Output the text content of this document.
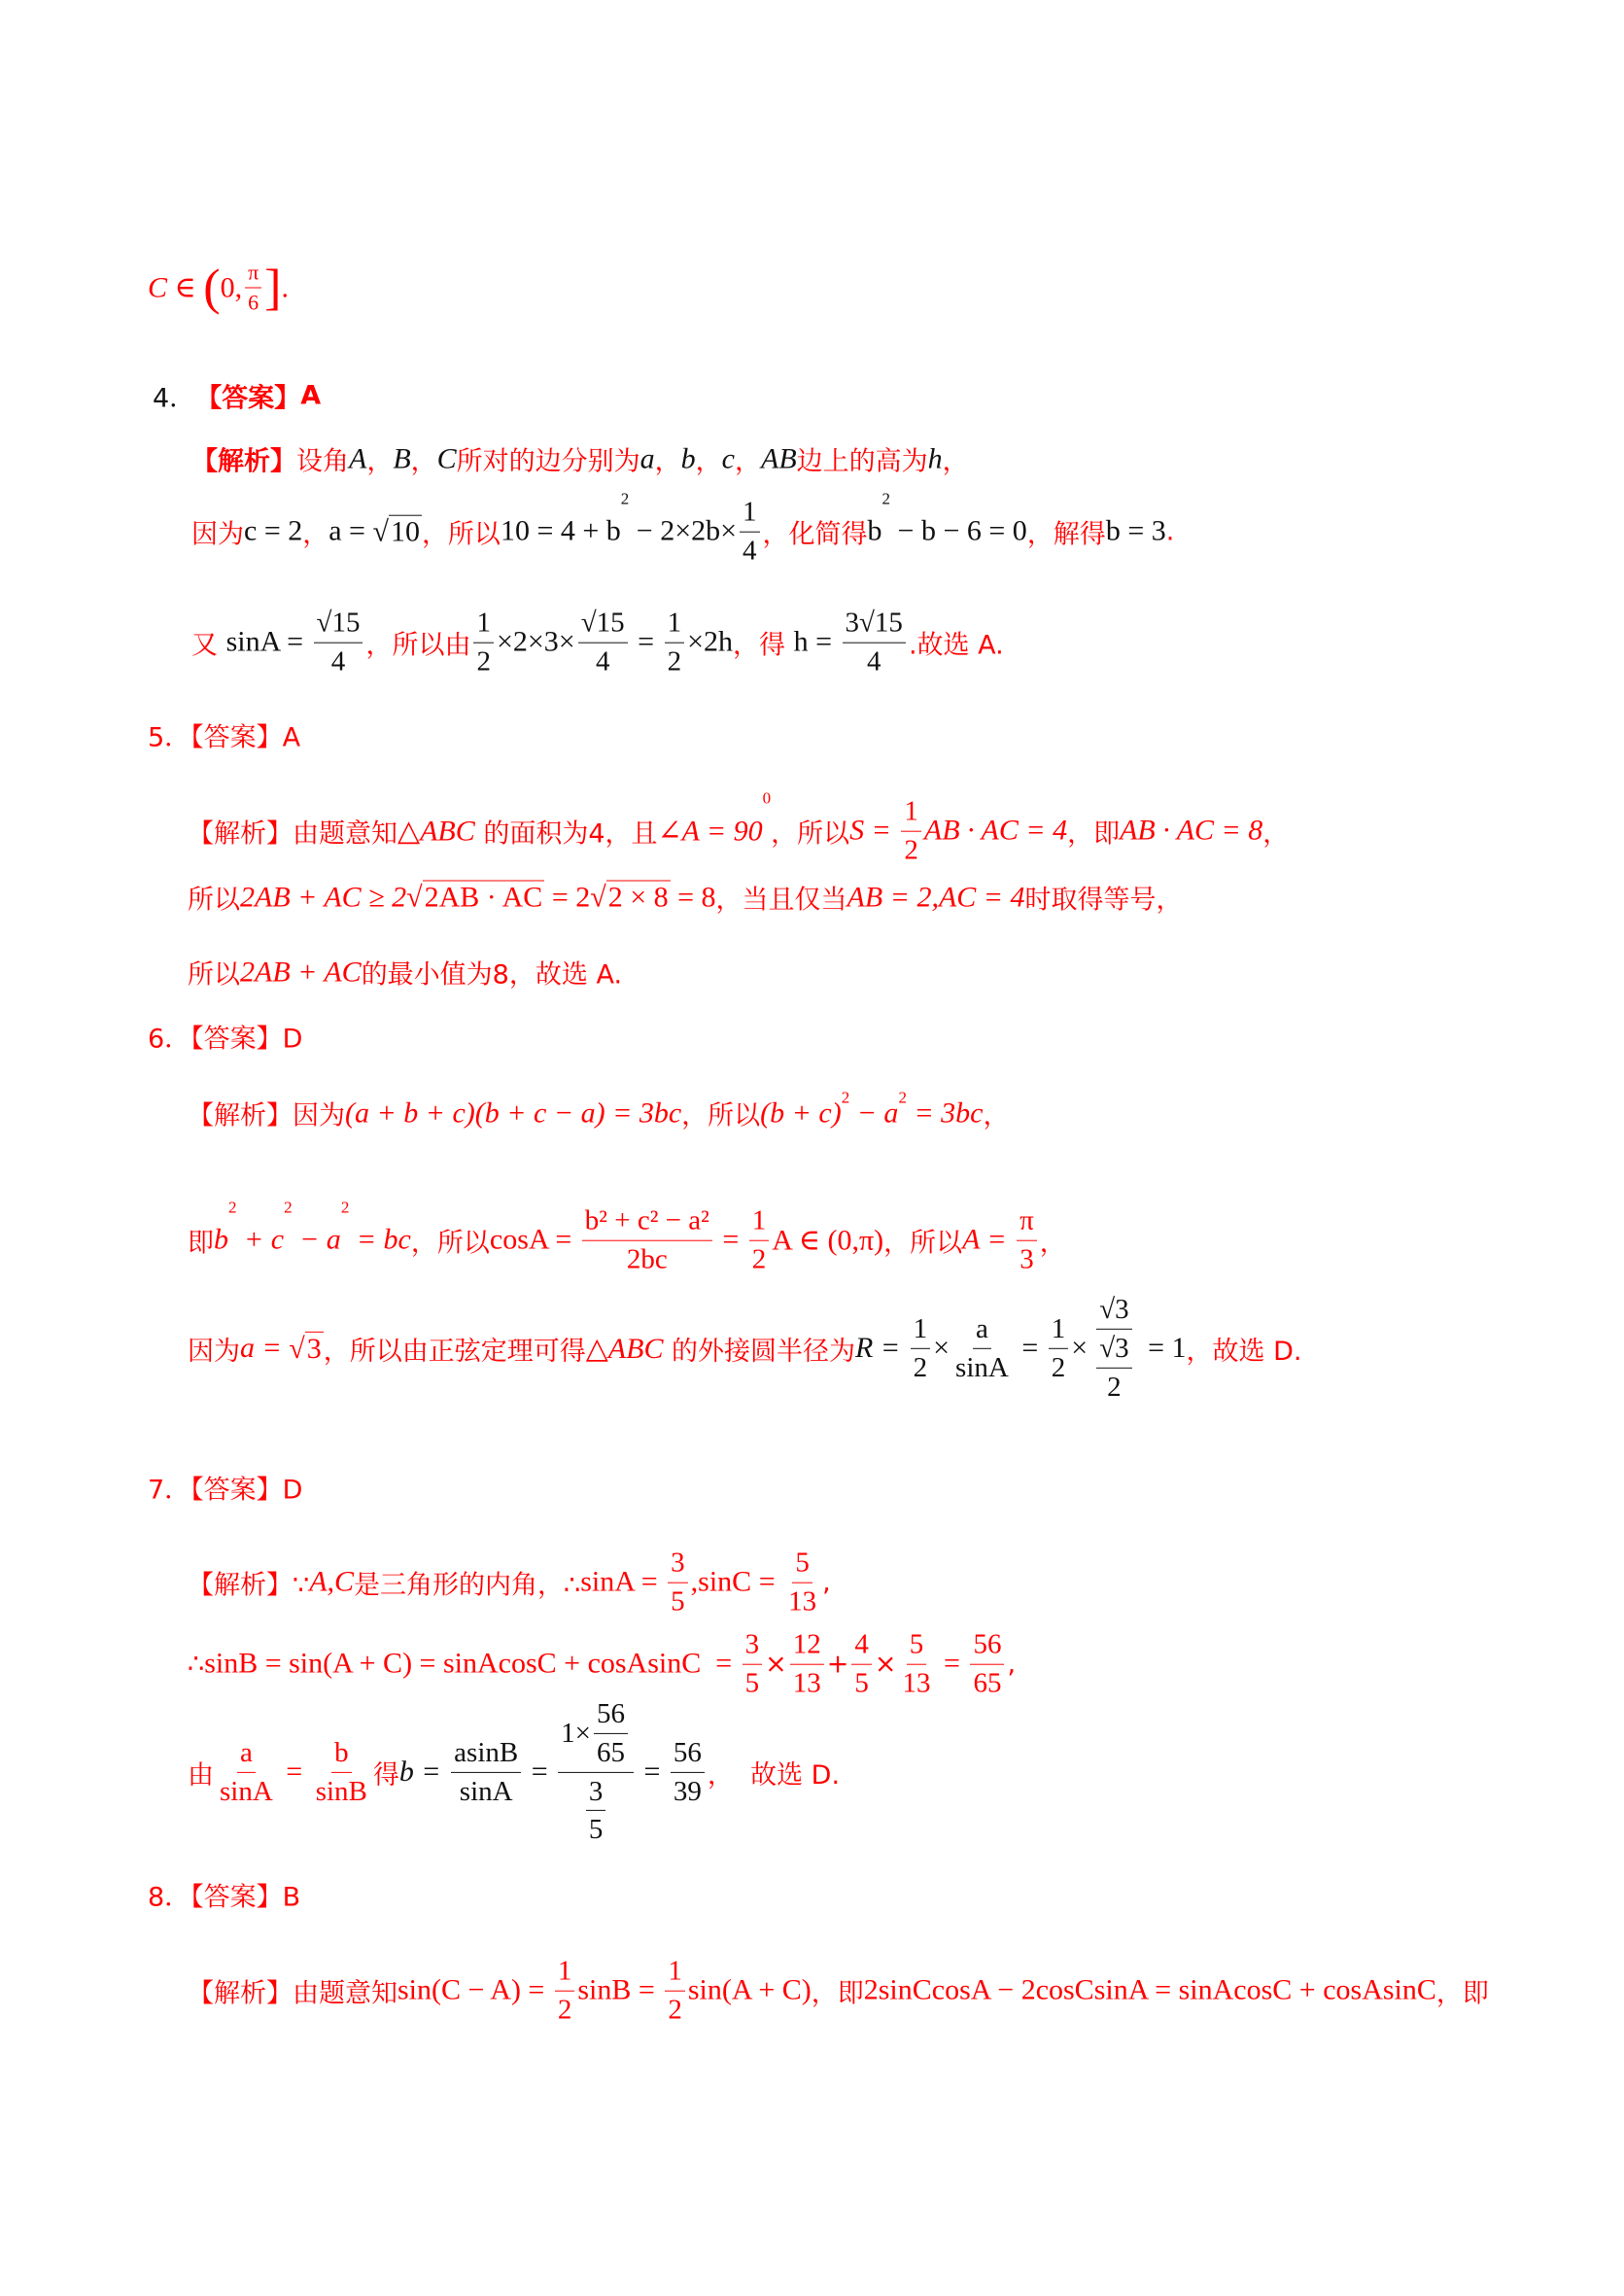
C ∈ ( 0, $\frac{\pi}{6}$ ] .
4． 【答案】 A
【解析】 设角 A ， B ， C 所对的边分别为 a ， b ， c ， AB 边上的高为 h ，
因为 c = 2 ， a = √ 10 ，所以 10 = 4 + b
2
− $2\times 2b\times \frac{1}{4}$ ，化简得 b
2
− b − 6 = 0 ，解得 b = 3 .
又 $\sin A = \frac{√15}{4}$ ，所以由 $\frac{1}{2} \times 2\times 3\times \frac{√15}{4} = \frac{1}{2} \times 2h$ ，得 $h = \frac{3√15}{4}$ .故选 A.
5．【答案】A
【解析】由题意知 △ABC 的面积为4，且 ∠A = 90
0
，所以 $S = \frac{1}{2}$ AB · AC = 4 ，即 AB · AC = 8 ，
所以 2AB + AC ≥ 2 √ 2AB · AC = 2 √ 2 × 8 = 8 ，当且仅当 AB = 2,AC = 4 时取得等号，
所以 2AB + AC 的最小值为8，故选 A.
6．【答案】D
【解析】因为 (a + b + c)(b + c − a) = 3bc ，所以 (b + c) 2 − a 2 = 3bc ，
即 b
2
+ c
2
− a
2
= bc ，所以 $\cos A = \frac{\text{b² + c² − a²}}{2bc} = \frac{1}{2}$ A ∈ (0,π) ，所以 $A = \frac{\pi}{3}$ ，
因为 a = √ 3 ，所以由正弦定理可得 △ABC 的外接圆半径为 $R = \frac{1}{2} \times \frac{a}{\sin A} = \frac{1}{2} \times \frac{√3}{\frac{√3}{2}} = 1$ ，故选 D.
7．【答案】D
【解析】∵ A,C 是三角形的内角，∴ $\sin A = \frac{3}{5} ,\sin C = \frac{5}{13}$ ,
∴ sinB = sin(A + C) = sinAcosC + cosAsinC = $\frac{3}{5} \times \frac{12}{13} + \frac{4}{5} \times \frac{5}{13} = \frac{56}{65}$ ,
由 $\frac{a}{\sin A} = \frac{b}{\sin B}$ 得 $b = \frac{asinB}{\sin A} = \frac{1\times \frac{56}{65}}{\frac{3}{5}} = \frac{56}{39}$ ，  故选 D.
8．【答案】B
【解析】由题意知 $\sin(C - A) = \frac{1}{2}$ $\sin B = \frac{1}{2} \sin(A + C)$ ，即 2sinCcosA − 2cosCsinA = sinAcosC + cosAsinC ，即
